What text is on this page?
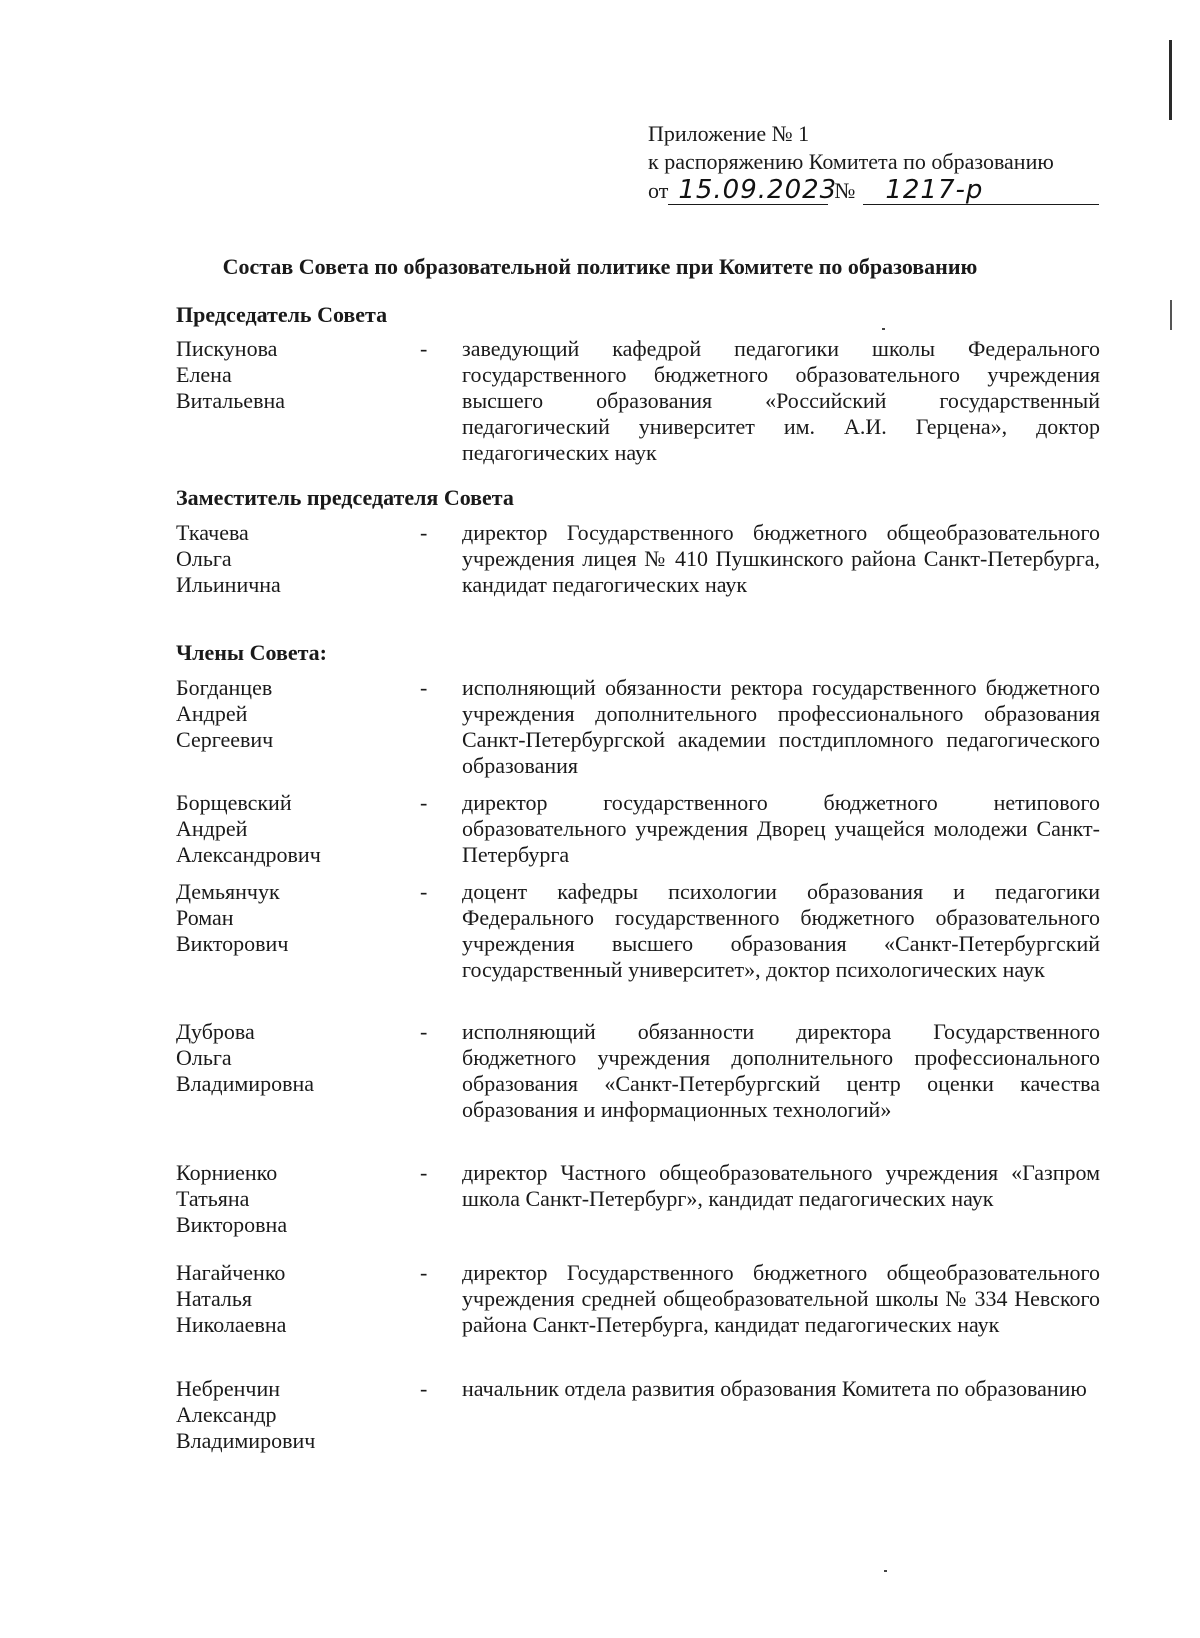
Приложение № 1
к распоряжению Комитета по образованию
от 15.09.2023
№	1217-р
Состав Совета по образовательной политике при Комитете по образованию
Председатель Совета
Пискунова
Елена
Витальевна
- заведующий кафедрой педагогики школы Федерального государственного бюджетного образовательного учреждения высшего образования «Российский государственный педагогический университет им. А.И. Герцена», доктор педагогических наук
Заместитель председателя Совета
Ткачева
Ольга
Ильинична
- директор Государственного бюджетного общеобразовательного учреждения лицея № 410 Пушкинского района Санкт-Петербурга, кандидат педагогических наук
Члены Совета:
Богданцев
Андрей
Сергеевич
- исполняющий обязанности ректора государственного бюджетного учреждения дополнительного профессионального образования Санкт-Петербургской академии постдипломного педагогического образования
Борщевский
Андрей
Александрович
- директор государственного бюджетного нетипового образовательного учреждения Дворец учащейся молодежи Санкт-Петербурга
Демьянчук
Роман
Викторович
- доцент кафедры психологии образования и педагогики Федерального государственного бюджетного образовательного учреждения высшего образования «Санкт-Петербургский государственный университет», доктор психологических наук
Дуброва
Ольга
Владимировна
- исполняющий обязанности директора Государственного бюджетного учреждения дополнительного профессионального образования «Санкт-Петербургский центр оценки качества образования и информационных технологий»
Корниенко
Татьяна
Викторовна
- директор Частного общеобразовательного учреждения «Газпром школа Санкт-Петербург», кандидат педагогических наук
Нагайченко
Наталья
Николаевна
- директор Государственного бюджетного общеобразовательного учреждения средней общеобразовательной школы № 334 Невского района Санкт-Петербурга, кандидат педагогических наук
Небренчин
Александр
Владимирович
- начальник отдела развития образования Комитета по образованию
